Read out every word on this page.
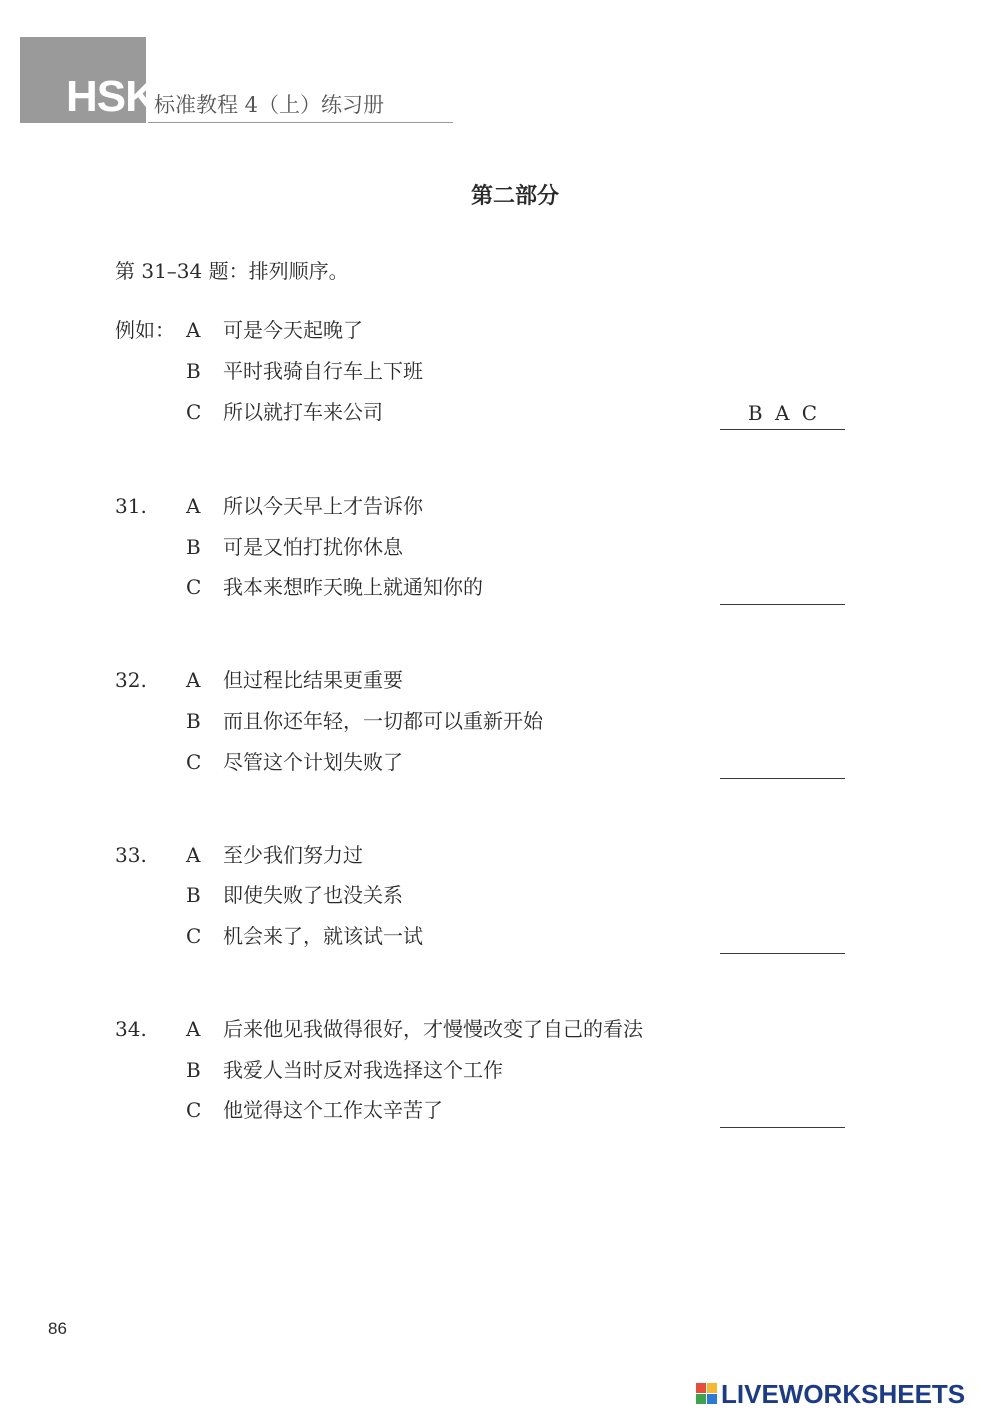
HSK
标准教程 4（上）练习册
第二部分
第 31–34 题：排列顺序。
例如： A 可是今天起晚了
B 平时我骑自行车上下班
C 所以就打车来公司	B A C
31. A 所以今天早上才告诉你
B 可是又怕打扰你休息
C 我本来想昨天晚上就通知你的
32. A 但过程比结果更重要
B 而且你还年轻，一切都可以重新开始
C 尽管这个计划失败了
33. A 至少我们努力过
B 即使失败了也没关系
C 机会来了，就该试一试
34. A 后来他见我做得很好，才慢慢改变了自己的看法
B 我爱人当时反对我选择这个工作
C 他觉得这个工作太辛苦了
86
LIVEWORKSHEETS
